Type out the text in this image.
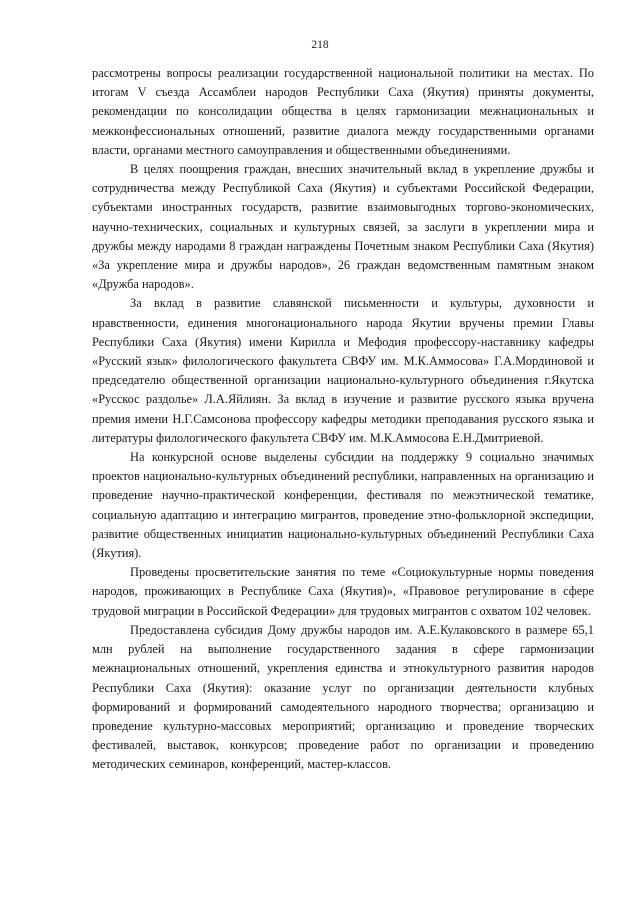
218

рассмотрены вопросы реализации государственной национальной политики на местах. По итогам V съезда Ассамблеи народов Республики Саха (Якутия) приняты документы, рекомендации по консолидации общества в целях гармонизации межнациональных и межконфессиональных отношений, развитие диалога между государственными органами власти, органами местного самоуправления и общественными объединениями.

В целях поощрения граждан, внесших значительный вклад в укрепление дружбы и сотрудничества между Республикой Саха (Якутия) и субъектами Российской Федерации, субъектами иностранных государств, развитие взаимовыгодных торгово-экономических, научно-технических, социальных и культурных связей, за заслуги в укреплении мира и дружбы между народами 8 граждан награждены Почетным знаком Республики Саха (Якутия) «За укрепление мира и дружбы народов», 26 граждан ведомственным памятным знаком «Дружба народов».

За вклад в развитие славянской письменности и культуры, духовности и нравственности, единения многонационального народа Якутии вручены премии Главы Республики Саха (Якутия) имени Кирилла и Мефодия профессору-наставнику кафедры «Русский язык» филологического факультета СВФУ им. М.К.Аммосова» Г.А.Мординовой и председателю общественной организации национально-культурного объединения г.Якутска «Русскос раздолье» Л.А.Яйлиян. За вклад в изучение и развитие русского языка вручена премия имени Н.Г.Самсонова профессору кафедры методики преподавания русского языка и литературы филологического факультета СВФУ им. М.К.Аммосова Е.Н.Дмитриевой.

На конкурсной основе выделены субсидии на поддержку 9 социально значимых проектов национально-культурных объединений республики, направленных на организацию и проведение научно-практической конференции, фестиваля по межэтнической тематике, социальную адаптацию и интеграцию мигрантов, проведение этно-фольклорной экспедиции, развитие общественных инициатив национально-культурных объединений Республики Саха (Якутия).

Проведены просветительские занятия по теме «Социокультурные нормы поведения народов, проживающих в Республике Саха (Якутия)», «Правовое регулирование в сфере трудовой миграции в Российской Федерации» для трудовых мигрантов с охватом 102 человек.

Предоставлена субсидия Дому дружбы народов им. А.Е.Кулаковского в размере 65,1 млн рублей на выполнение государственного задания в сфере гармонизации межнациональных отношений, укрепления единства и этнокультурного развития народов Республики Саха (Якутия): оказание услуг по организации деятельности клубных формирований и формирований самодеятельного народного творчества; организацию и проведение культурно-массовых мероприятий; организацию и проведение творческих фестивалей, выставок, конкурсов; проведение работ по организации и проведению методических семинаров, конференций, мастер-классов.
